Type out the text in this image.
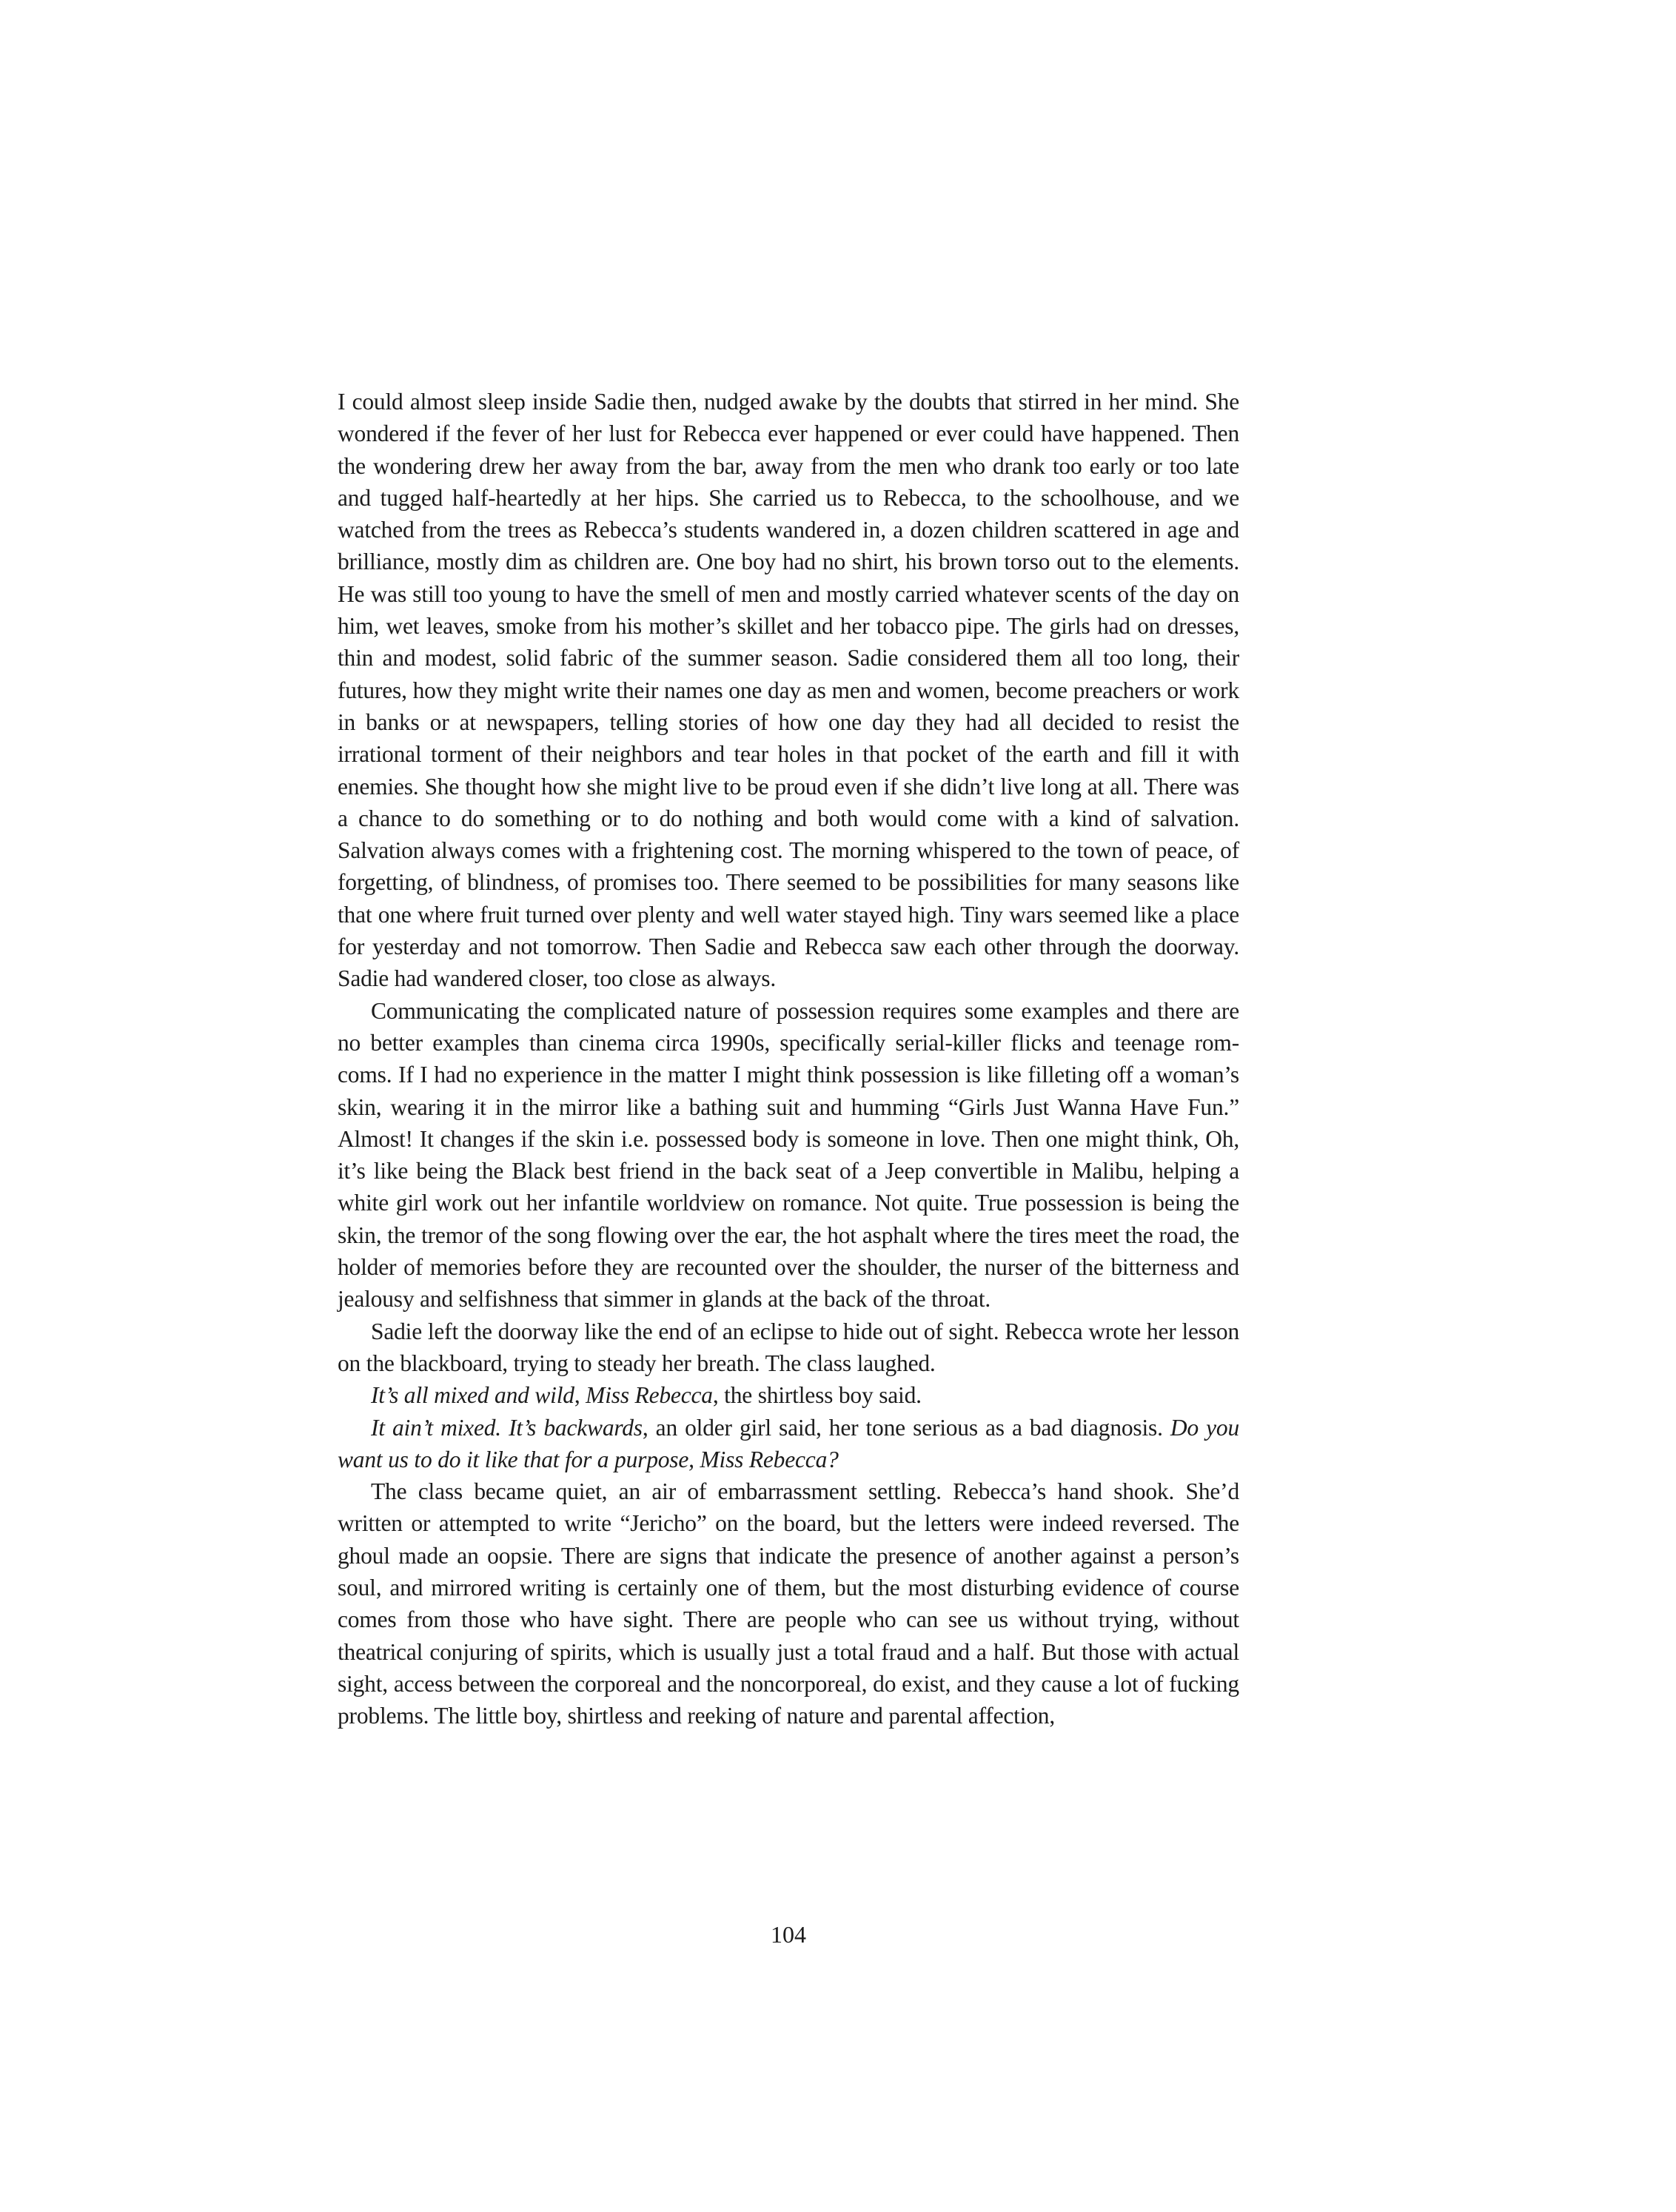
I could almost sleep inside Sadie then, nudged awake by the doubts that stirred in her mind. She wondered if the fever of her lust for Rebecca ever happened or ever could have happened. Then the wondering drew her away from the bar, away from the men who drank too early or too late and tugged half-heartedly at her hips. She carried us to Rebecca, to the schoolhouse, and we watched from the trees as Rebecca’s students wandered in, a dozen children scattered in age and brilliance, mostly dim as children are. One boy had no shirt, his brown torso out to the elements. He was still too young to have the smell of men and mostly carried whatever scents of the day on him, wet leaves, smoke from his mother’s skillet and her tobacco pipe. The girls had on dresses, thin and modest, solid fabric of the summer season. Sadie considered them all too long, their futures, how they might write their names one day as men and women, become preachers or work in banks or at newspapers, telling stories of how one day they had all decided to resist the irrational torment of their neighbors and tear holes in that pocket of the earth and fill it with enemies. She thought how she might live to be proud even if she didn’t live long at all. There was a chance to do something or to do nothing and both would come with a kind of salvation. Salvation always comes with a frightening cost. The morning whispered to the town of peace, of forgetting, of blindness, of promises too. There seemed to be possibilities for many seasons like that one where fruit turned over plenty and well water stayed high. Tiny wars seemed like a place for yesterday and not tomorrow. Then Sadie and Rebecca saw each other through the doorway. Sadie had wandered closer, too close as always.

Communicating the complicated nature of possession requires some examples and there are no better examples than cinema circa 1990s, specifically serial-killer flicks and teenage rom-coms. If I had no experience in the matter I might think possession is like filleting off a woman’s skin, wearing it in the mirror like a bathing suit and humming “Girls Just Wanna Have Fun.” Almost! It changes if the skin i.e. possessed body is someone in love. Then one might think, Oh, it’s like being the Black best friend in the back seat of a Jeep convertible in Malibu, helping a white girl work out her infantile worldview on romance. Not quite. True possession is being the skin, the tremor of the song flowing over the ear, the hot asphalt where the tires meet the road, the holder of memories before they are recounted over the shoulder, the nurser of the bitterness and jealousy and selfishness that simmer in glands at the back of the throat.

Sadie left the doorway like the end of an eclipse to hide out of sight. Rebecca wrote her lesson on the blackboard, trying to steady her breath. The class laughed.

It’s all mixed and wild, Miss Rebecca, the shirtless boy said.

It ain’t mixed. It’s backwards, an older girl said, her tone serious as a bad diagnosis. Do you want us to do it like that for a purpose, Miss Rebecca?

The class became quiet, an air of embarrassment settling. Rebecca’s hand shook. She’d written or attempted to write “Jericho” on the board, but the letters were indeed reversed. The ghoul made an oopsie. There are signs that indicate the presence of another against a person’s soul, and mirrored writing is certainly one of them, but the most disturbing evidence of course comes from those who have sight. There are people who can see us without trying, without theatrical conjuring of spirits, which is usually just a total fraud and a half. But those with actual sight, access between the corporeal and the noncorporeal, do exist, and they cause a lot of fucking problems. The little boy, shirtless and reeking of nature and parental affection,

104
